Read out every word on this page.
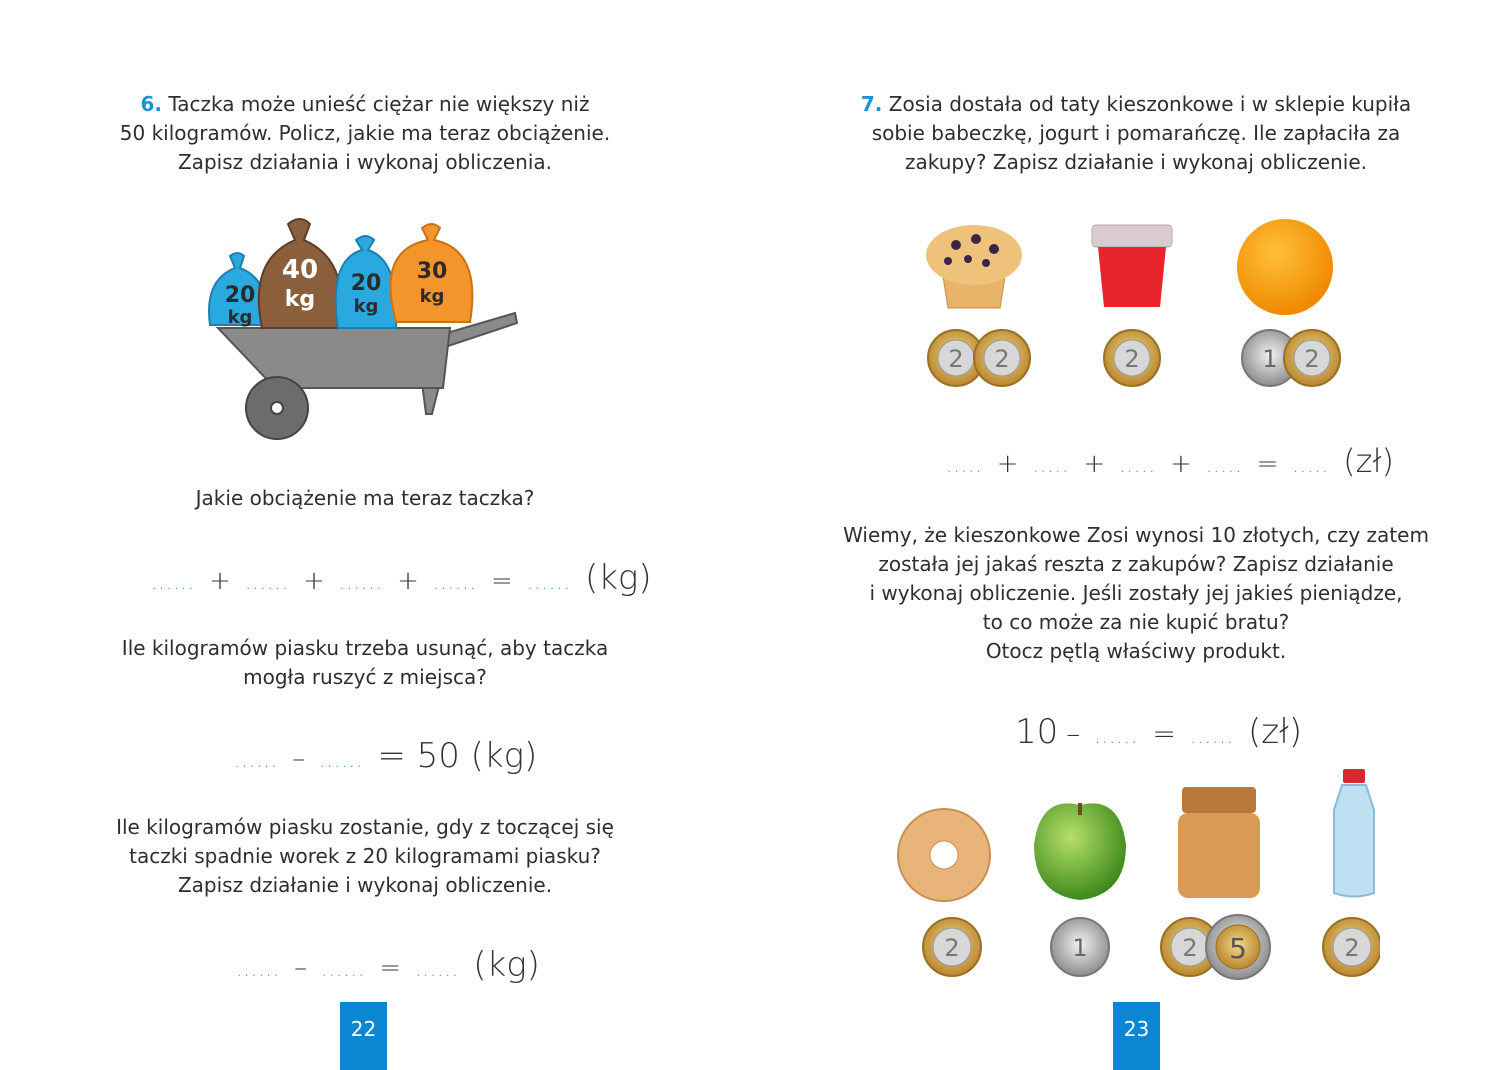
6. Taczka może unieść ciężar nie większy niż
50 kilogramów. Policz, jakie ma teraz obciążenie.
Zapisz działania i wykonaj obliczenia.
20
kg
40
kg
20
kg
30
kg
Jakie obciążenie ma teraz taczka?
...... + ...... + ...... + ...... = ...... (kg)
Ile kilogramów piasku trzeba usunąć, aby taczka
mogła ruszyć z miejsca?
...... – ...... = 50 (kg)
Ile kilogramów piasku zostanie, gdy z toczącej się
taczki spadnie worek z 20 kilogramami piasku?
Zapisz działanie i wykonaj obliczenie.
...... – ...... = ...... (kg)
22
7. Zosia dostała od taty kieszonkowe i w sklepie kupiła
sobie babeczkę, jogurt i pomarańczę. Ile zapłaciła za
zakupy? Zapisz działanie i wykonaj obliczenie.
2 2	2	1 2
..... + ..... + ..... + ..... = ..... (zł)
Wiemy, że kieszonkowe Zosi wynosi 10 złotych, czy zatem
została jej jakaś reszta z zakupów? Zapisz działanie
i wykonaj obliczenie. Jeśli zostały jej jakieś pieniądze,
to co może za nie kupić bratu?
Otocz pętlą właściwy produkt.
10 – ...... = ...... (zł)
2	1	2 5	2
23
